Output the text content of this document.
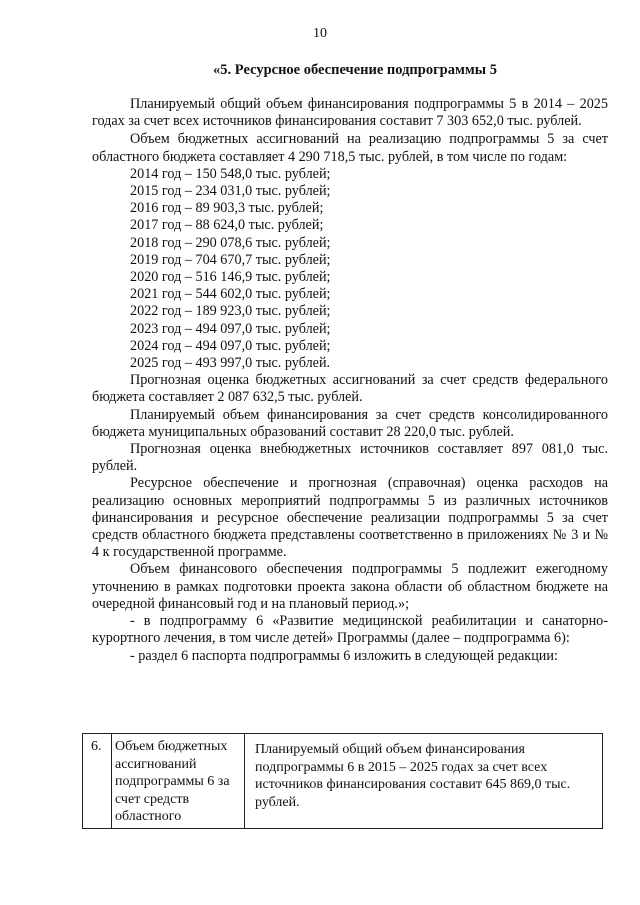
10
«5. Ресурсное обеспечение подпрограммы 5

Планируемый общий объем финансирования подпрограммы 5 в 2014 – 2025 годах за счет всех источников финансирования составит 7 303 652,0 тыс. рублей.

Объем бюджетных ассигнований на реализацию подпрограммы 5 за счет областного бюджета составляет 4 290 718,5 тыс. рублей, в том числе по годам:

2014 год – 150 548,0 тыс. рублей;
2015 год – 234 031,0 тыс. рублей;
2016 год – 89 903,3 тыс. рублей;
2017 год – 88 624,0 тыс. рублей;
2018 год – 290 078,6 тыс. рублей;
2019 год – 704 670,7 тыс. рублей;
2020 год – 516 146,9 тыс. рублей;
2021 год – 544 602,0 тыс. рублей;
2022 год – 189 923,0 тыс. рублей;
2023 год – 494 097,0 тыс. рублей;
2024 год – 494 097,0 тыс. рублей;
2025 год – 493 997,0 тыс. рублей.

Прогнозная оценка бюджетных ассигнований за счет средств федерального бюджета составляет 2 087 632,5 тыс. рублей.

Планируемый объем финансирования за счет средств консолидированного бюджета муниципальных образований составит 28 220,0 тыс. рублей.

Прогнозная оценка внебюджетных источников составляет 897 081,0 тыс. рублей.

Ресурсное обеспечение и прогнозная (справочная) оценка расходов на реализацию основных мероприятий подпрограммы 5 из различных источников финансирования и ресурсное обеспечение реализации подпрограммы 5 за счет средств областного бюджета представлены соответственно в приложениях № 3 и № 4 к государственной программе.

Объем финансового обеспечения подпрограммы 5 подлежит ежегодному уточнению в рамках подготовки проекта закона области об областном бюджете на очередной финансовый год и на плановый период.»;

- в подпрограмму 6 «Развитие медицинской реабилитации и санаторно-курортного лечения, в том числе детей» Программы (далее – подпрограмма 6):

- раздел 6 паспорта подпрограммы 6 изложить в следующей редакции:

6. Объем бюджетных ассигнований подпрограммы 6 за счет средств областного
Планируемый общий объем финансирования подпрограммы 6 в 2015 – 2025 годах за счет всех источников финансирования составит 645 869,0 тыс. рублей.
